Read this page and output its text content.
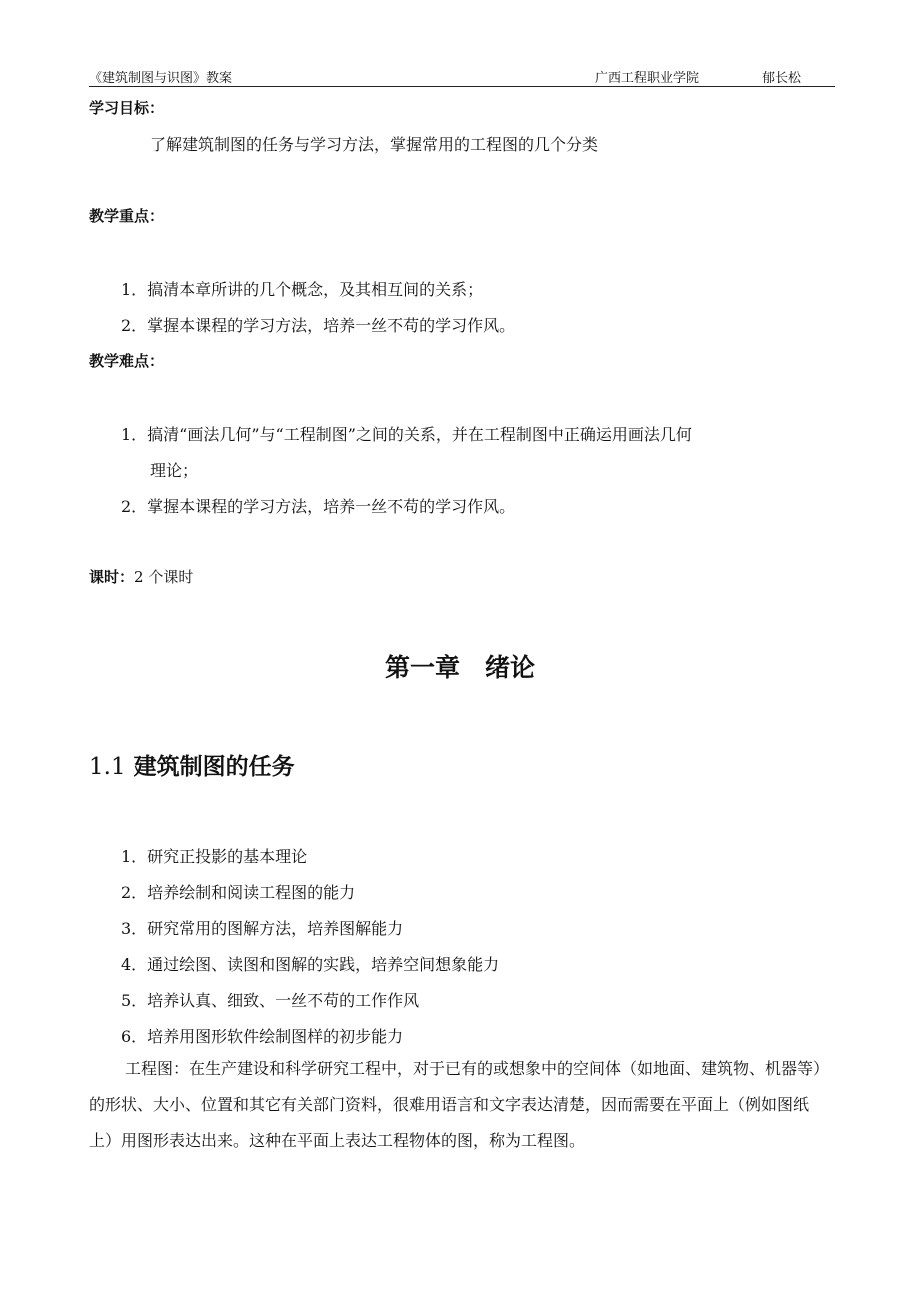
《建筑制图与识图》教案	广西工程职业学院	郁长松
学习目标：
了解建筑制图的任务与学习方法，掌握常用的工程图的几个分类
教学重点：
1．搞清本章所讲的几个概念，及其相互间的关系；
2．掌握本课程的学习方法，培养一丝不苟的学习作风。
教学难点：
1．搞清“画法几何”与“工程制图”之间的关系，并在工程制图中正确运用画法几何
理论；
2．掌握本课程的学习方法，培养一丝不苟的学习作风。
课时：2 个课时
第一章　绪论
1.1 建筑制图的任务
1．研究正投影的基本理论
2．培养绘制和阅读工程图的能力
3．研究常用的图解方法，培养图解能力
4．通过绘图、读图和图解的实践，培养空间想象能力
5．培养认真、细致、一丝不苟的工作作风
6．培养用图形软件绘制图样的初步能力
工程图：在生产建设和科学研究工程中，对于已有的或想象中的空间体（如地面、建筑物、机器等）的形状、大小、位置和其它有关部门资料，很难用语言和文字表达清楚，因而需要在平面上（例如图纸上）用图形表达出来。这种在平面上表达工程物体的图，称为工程图。
